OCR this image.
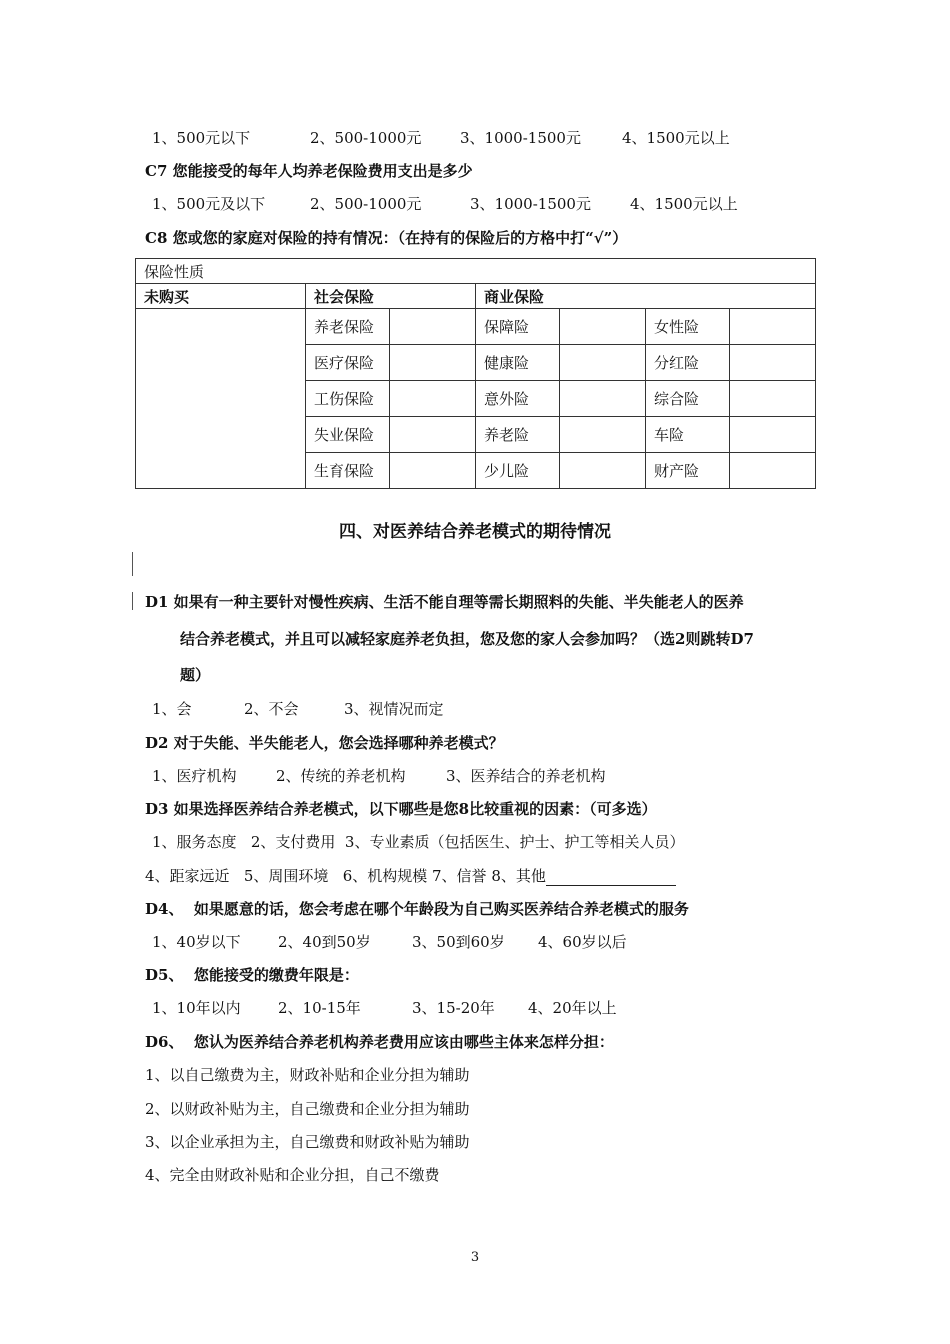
1、500元以下	2、500-1000元	3、1000-1500元	4、1500元以上
C7 您能接受的每年人均养老保险费用支出是多少
1、500元及以下	2、500-1000元	3、1000-1500元	4、1500元以上
C8 您或您的家庭对保险的持有情况：（在持有的保险后的方格中打“√”）
保险性质						
未购买	社会保险		商业保险			
	养老保险		保障险		女性险	
	医疗保险		健康险		分红险	
	工伤保险		意外险		综合险	
	失业保险		养老险		车险	
	生育保险		少儿险		财产险	
四、对医养结合养老模式的期待情况
D1 如果有一种主要针对慢性疾病、生活不能自理等需长期照料的失能、半失能老人的医养
结合养老模式，并且可以减轻家庭养老负担，您及您的家人会参加吗？（选2则跳转D7
题）
1、会	2、不会	3、视情况而定
D2 对于失能、半失能老人，您会选择哪种养老模式？
1、医疗机构	2、传统的养老机构	3、医养结合的养老机构
D3 如果选择医养结合养老模式，以下哪些是您8比较重视的因素：（可多选）
1、服务态度   2、支付费用  3、专业素质（包括医生、护士、护工等相关人员）
4、距家远近   5、周围环境   6、机构规模 7、信誉 8、其他
D4、  如果愿意的话，您会考虑在哪个年龄段为自己购买医养结合养老模式的服务
1、40岁以下 2、40到50岁	3、50到60岁 4、60岁以后
D5、  您能接受的缴费年限是：
1、10年以内 2、10-15年	3、15-20年 4、20年以上
D6、  您认为医养结合养老机构养老费用应该由哪些主体来怎样分担：
1、以自己缴费为主，财政补贴和企业分担为辅助
2、以财政补贴为主，自己缴费和企业分担为辅助
3、以企业承担为主，自己缴费和财政补贴为辅助
4、完全由财政补贴和企业分担，自己不缴费
3
